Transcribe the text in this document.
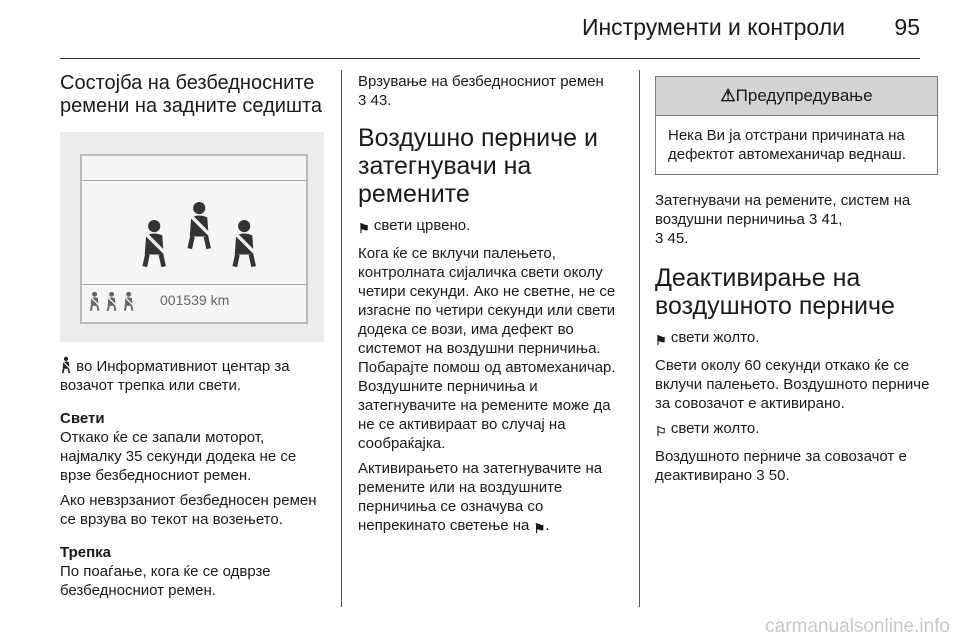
Инструменти и контроли 95
Состојба на безбедносните ремени на задните седишта
001539 km

во Информативниот центар за возачот трепка или свети.

Свети

Откако ќе се запали моторот, најмалку 35 секунди додека не се врзе безбедносниот ремен.

Ако невзрзаниот безбедносен ремен се врзува во текот на возењето.

Трепка

По поаѓање, кога ќе се одврзе безбедносниот ремен.

Врзување на безбедносниот ремен
3 43.

Воздушно перниче и затегнувачи на ремените

⚑ свети црвено.

Кога ќе се вклучи палењето, контролната сијаличка свети околу четири секунди. Ако не светне, не се изгасне по четири секунди или свети додека се вози, има дефект во системот на воздушни перничиња. Побарајте помош од автомеханичар. Воздушните перничиња и затегнувачите на ремените може да не се активираат во случај на сообраќајка.

Активирањето на затегнувачите на ремените или на воздушните перничиња се означува со непрекинато светење на ⚑.

⚠Предупредување
Нека Ви ја отстрани причината на дефектот автомеханичар веднаш.

Затегнувачи на ремените, систем на воздушни перничиња 3 41,
3 45.

Деактивирање на воздушното перниче

⚑ свети жолто.

Свети околу 60 секунди откако ќе се вклучи палењето. Воздушното перниче за совозачот е активирано.

⚐ свети жолто.

Воздушното перниче за совозачот е деактивирано 3 50.

carmanualsonline.info
